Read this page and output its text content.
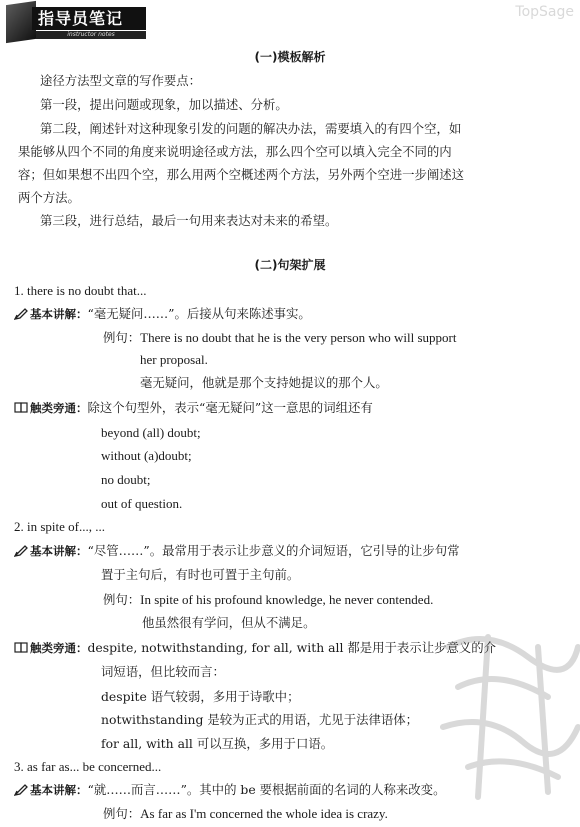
指导员笔记
instructor notes
TopSage
(一)模板解析
途径方法型文章的写作要点：
第一段，提出问题或现象，加以描述、分析。
第二段，阐述针对这种现象引发的问题的解决办法，需要填入的有四个空，如
果能够从四个不同的角度来说明途径或方法，那么四个空可以填入完全不同的内
容；但如果想不出四个空，那么用两个空概述两个方法，另外两个空进一步阐述这
两个方法。
第三段，进行总结，最后一句用来表达对未来的希望。
(二)句架扩展
1. there is no doubt that...
基本讲解：“毫无疑问……”。后接从句来陈述事实。
例句：There is no doubt that he is the very person who will support
her proposal.
毫无疑问，他就是那个支持她提议的那个人。
触类旁通：除这个句型外，表示“毫无疑问”这一意思的词组还有
beyond (all) doubt;
without (a)doubt;
no doubt;
out of question.
2. in spite of..., ...
基本讲解：“尽管……”。最常用于表示让步意义的介词短语，它引导的让步句常
置于主句后，有时也可置于主句前。
例句：In spite of his profound knowledge, he never contended.
他虽然很有学问，但从不满足。
触类旁通：despite, notwithstanding, for all, with all 都是用于表示让步意义的介
词短语，但比较而言：
despite 语气较弱，多用于诗歌中；
notwithstanding 是较为正式的用语，尤见于法律语体；
for all, with all 可以互换，多用于口语。
3. as far as... be concerned...
基本讲解：“就……而言……”。其中的 be 要根据前面的名词的人称来改变。
例句：As far as I'm concerned the whole idea is crazy.
